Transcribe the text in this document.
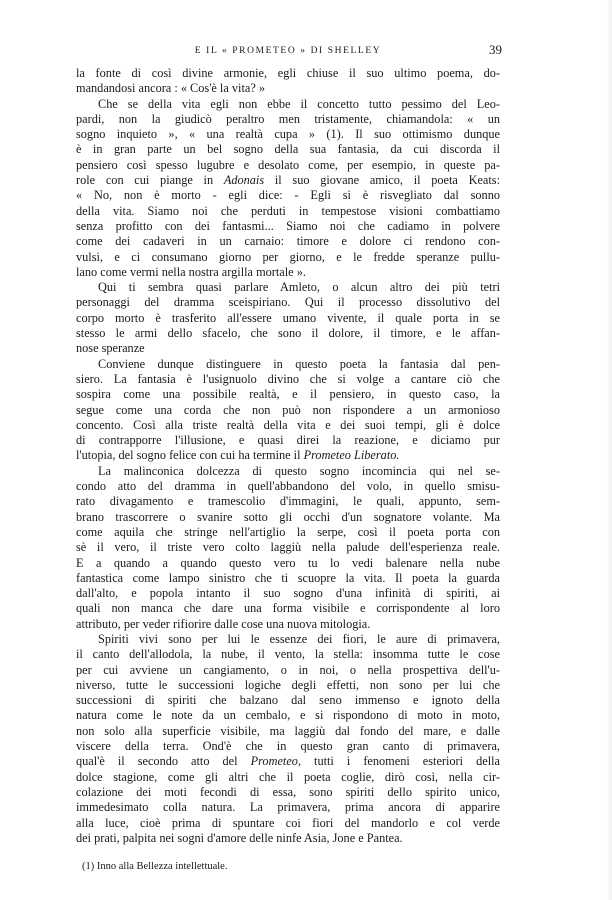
E IL « PROMETEO » DI SHELLEY	39
la fonte di così divine armonie, egli chiuse il suo ultimo poema, do-
mandandosi ancora : « Cos'è la vita? »
Che se della vita egli non ebbe il concetto tutto pessimo del Leo-
pardi, non la giudicò peraltro men tristamente, chiamandola: « un
sogno inquieto », « una realtà cupa » (1). Il suo ottimismo dunque
è in gran parte un bel sogno della sua fantasia, da cui discorda il
pensiero così spesso lugubre e desolato come, per esempio, in queste pa-
role con cui piange in Adonais il suo giovane amico, il poeta Keats:
« No, non è morto - egli dice: - Egli si è risvegliato dal sonno
della vita. Siamo noi che perduti in tempestose visioni combattiamo
senza profitto con dei fantasmi... Siamo noi che cadiamo in polvere
come dei cadaveri in un carnaio: timore e dolore ci rendono con-
vulsi, e ci consumano giorno per giorno, e le fredde speranze pullu-
lano come vermi nella nostra argilla mortale ».
Qui ti sembra quasi parlare Amleto, o alcun altro dei più tetri
personaggi del dramma sceispiriano. Qui il processo dissolutivo del
corpo morto è trasferito all'essere umano vivente, il quale porta in se
stesso le armi dello sfacelo, che sono il dolore, il timore, e le affan-
nose speranze
Conviene dunque distinguere in questo poeta la fantasia dal pen-
siero. La fantasia è l'usignuolo divino che si volge a cantare ciò che
sospira come una possibile realtà, e il pensiero, in questo caso, la
segue come una corda che non può non rispondere a un armonioso
concento. Così alla triste realtà della vita e dei suoi tempi, gli è dolce
di contrapporre l'illusione, e quasi direi la reazione, e diciamo pur
l'utopia, del sogno felice con cui ha termine il Prometeo Liberato.
La malinconica dolcezza di questo sogno incomincia qui nel se-
condo atto del dramma in quell'abbandono del volo, in quello smisu-
rato divagamento e tramescolio d'immagini, le quali, appunto, sem-
brano trascorrere o svanire sotto gli occhi d'un sognatore volante. Ma
come aquila che stringe nell'artiglio la serpe, così il poeta porta con
sè il vero, il triste vero colto laggiù nella palude dell'esperienza reale.
E a quando a quando questo vero tu lo vedi balenare nella nube
fantastica come lampo sinistro che ti scuopre la vita. Il poeta la guarda
dall'alto, e popola intanto il suo sogno d'una infinità di spiriti, ai
quali non manca che dare una forma visibile e corrispondente al loro
attributo, per veder rifiorire dalle cose una nuova mitologia.
Spiriti vivi sono per lui le essenze dei fiori, le aure di primavera,
il canto dell'allodola, la nube, il vento, la stella: insomma tutte le cose
per cui avviene un cangiamento, o in noi, o nella prospettiva dell'u-
niverso, tutte le successioni logiche degli effetti, non sono per lui che
successioni di spiriti che balzano dal seno immenso e ignoto della
natura come le note da un cembalo, e si rispondono di moto in moto,
non solo alla superficie visibile, ma laggiù dal fondo del mare, e dalle
viscere della terra. Ond'è che in questo gran canto di primavera,
qual'è il secondo atto del Prometeo, tutti i fenomeni esteriori della
dolce stagione, come gli altri che il poeta coglie, dirò così, nella cir-
colazione dei moti fecondi di essa, sono spiriti dello spirito unico,
immedesimato colla natura. La primavera, prima ancora di apparire
alla luce, cioè prima di spuntare coi fiori del mandorlo e col verde
dei prati, palpita nei sogni d'amore delle ninfe Asia, Jone e Pantea.
(1) Inno alla Bellezza intellettuale.
